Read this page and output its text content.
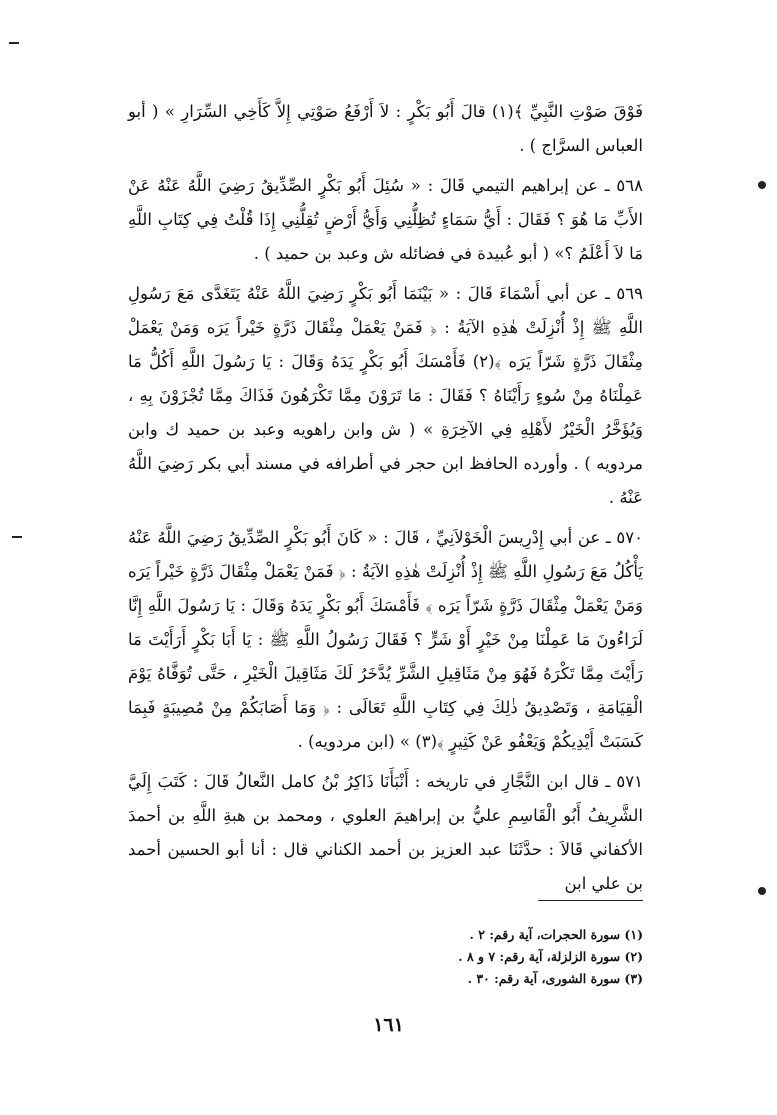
فَوْقَ صَوْتِ النَّبِيِّ ﴾(١) قالَ أَبُو بَكْرٍ : لاَ أَرْفَعُ صَوْتِي إِلاَّ كَأَخِي السِّرَارِ » ( أبو العباس السرَّاج ) .

٥٦٨ ـ عن إبراهيم التيمي قَالَ : « سُئِلَ أَبُو بَكْرٍ الصِّدِّيقُ رَضِيَ اللَّهُ عَنْهُ عَنْ الأَبِّ مَا هُوَ ؟ فَقَالَ : أَيُّ سَمَاءٍ تُظِلُّنِي وَأَيُّ أَرْضٍ تُقِلُّنِي إِذَا قُلْتُ فِي كِتَابِ اللَّهِ مَا لاَ أَعْلَمُ ؟» ( أبو عُبيدة في فضائله ش وعبد بن حميد ) .

٥٦٩ ـ عن أبي أَسْمَاءَ قَالَ : « بَيْنَمَا أَبُو بَكْرٍ رَضِيَ اللَّهُ عَنْهُ يَتَغَدَّى مَعَ رَسُولِ اللَّهِ ﷺ إِذْ أُنْزِلَتْ هٰذِهِ الآيَةُ : ﴿ فَمَنْ يَعْمَلْ مِثْقَالَ ذَرَّةٍ خَيْراً يَرَه وَمَنْ يَعْمَلْ مِثْقَالَ ذَرَّةٍ شَرّاً يَرَه ﴾(٢) فَأَمْسَكَ أَبُو بَكْرٍ يَدَهُ وَقَالَ : يَا رَسُولَ اللَّهِ أَكُلُّ مَا عَمِلْنَاهُ مِنْ سُوءٍ رَأَيْنَاهُ ؟ فَقَالَ : مَا تَرَوْنَ مِمَّا تَكْرَهُونَ فَذَاكَ مِمَّا تُجْزَوْنَ بِهِ ، وَيُؤَخَّرُ الْخَيْرُ لأَهْلِهِ فِي الآخِرَةِ » ( ش وابن راهويه وعبد بن حميد ك وابن مردويه ) . وأورده الحافظ ابن حجر في أطرافه في مسند أبي بكر رَضِيَ اللَّهُ عَنْهُ .

٥٧٠ ـ عن أبي إِدْرِيسَ الْخَوْلاَنِيِّ ، قَالَ : « كَانَ أَبُو بَكْرٍ الصِّدِّيقُ رَضِيَ اللَّهُ عَنْهُ يَأْكُلُ مَعَ رَسُولِ اللَّهِ ﷺ إِذْ أُنْزِلَتْ هٰذِهِ الآيَةُ : ﴿ فَمَنْ يَعْمَلْ مِثْقَالَ ذَرَّةٍ خَيْراً يَرَه وَمَنْ يَعْمَلْ مِثْقَالَ ذَرَّةٍ شَرّاً يَرَه ﴾ فَأَمْسَكَ أَبُو بَكْرٍ يَدَهُ وَقَالَ : يَا رَسُولَ اللَّهِ إِنَّا لَرَاءُونَ مَا عَمِلْنَا مِنْ خَيْرٍ أَوْ شَرٍّ ؟ فَقَالَ رَسُولُ اللَّهِ ﷺ : يَا أَبَا بَكْرٍ أَرَأَيْتَ مَا رَأَيْتَ مِمَّا تَكْرَهُ فَهُوَ مِنْ مَثَاقِيلِ الشَّرِّ يُدَّخَرُ لَكَ مَثَاقِيلَ الْخَيْرِ ، حَتَّى تُوَفَّاهُ يَوْمَ الْقِيَامَةِ ، وَتَصْدِيقُ ذٰلِكَ فِي كِتَابِ اللَّهِ تَعَالَى : ﴿ وَمَا أَصَابَكُمْ مِنْ مُصِيبَةٍ فَبِمَا كَسَبَتْ أَيْدِيكُمْ وَيَعْفُو عَنْ كَثِيرٍ ﴾(٣) » (ابن مردويه) .

٥٧١ ـ قال ابن النَّجَّارِ في تاريخه : أَنْبَأَنَا ذَاكِرُ بْنُ كامل النَّعالُ قَالَ : كَتَبَ إِلَيَّ الشَّرِيفُ أَبُو الْقَاسِمِ عليُّ بن إبراهيمَ العلوي ، ومحمد بن هبةِ اللَّهِ بن أحمدَ الأكفاني قَالاَ : حدَّثَنَا عبد العزيز بن أحمد الكناني قال : أنا أبو الحسين أحمد بن علي ابن

(١) سورة الحجرات، آية رقم: ٢ .

(٢) سورة الزلزلة، آية رقم: ٧ و ٨ .

(٣) سورة الشورى، آية رقم: ٣٠ .

١٦١
